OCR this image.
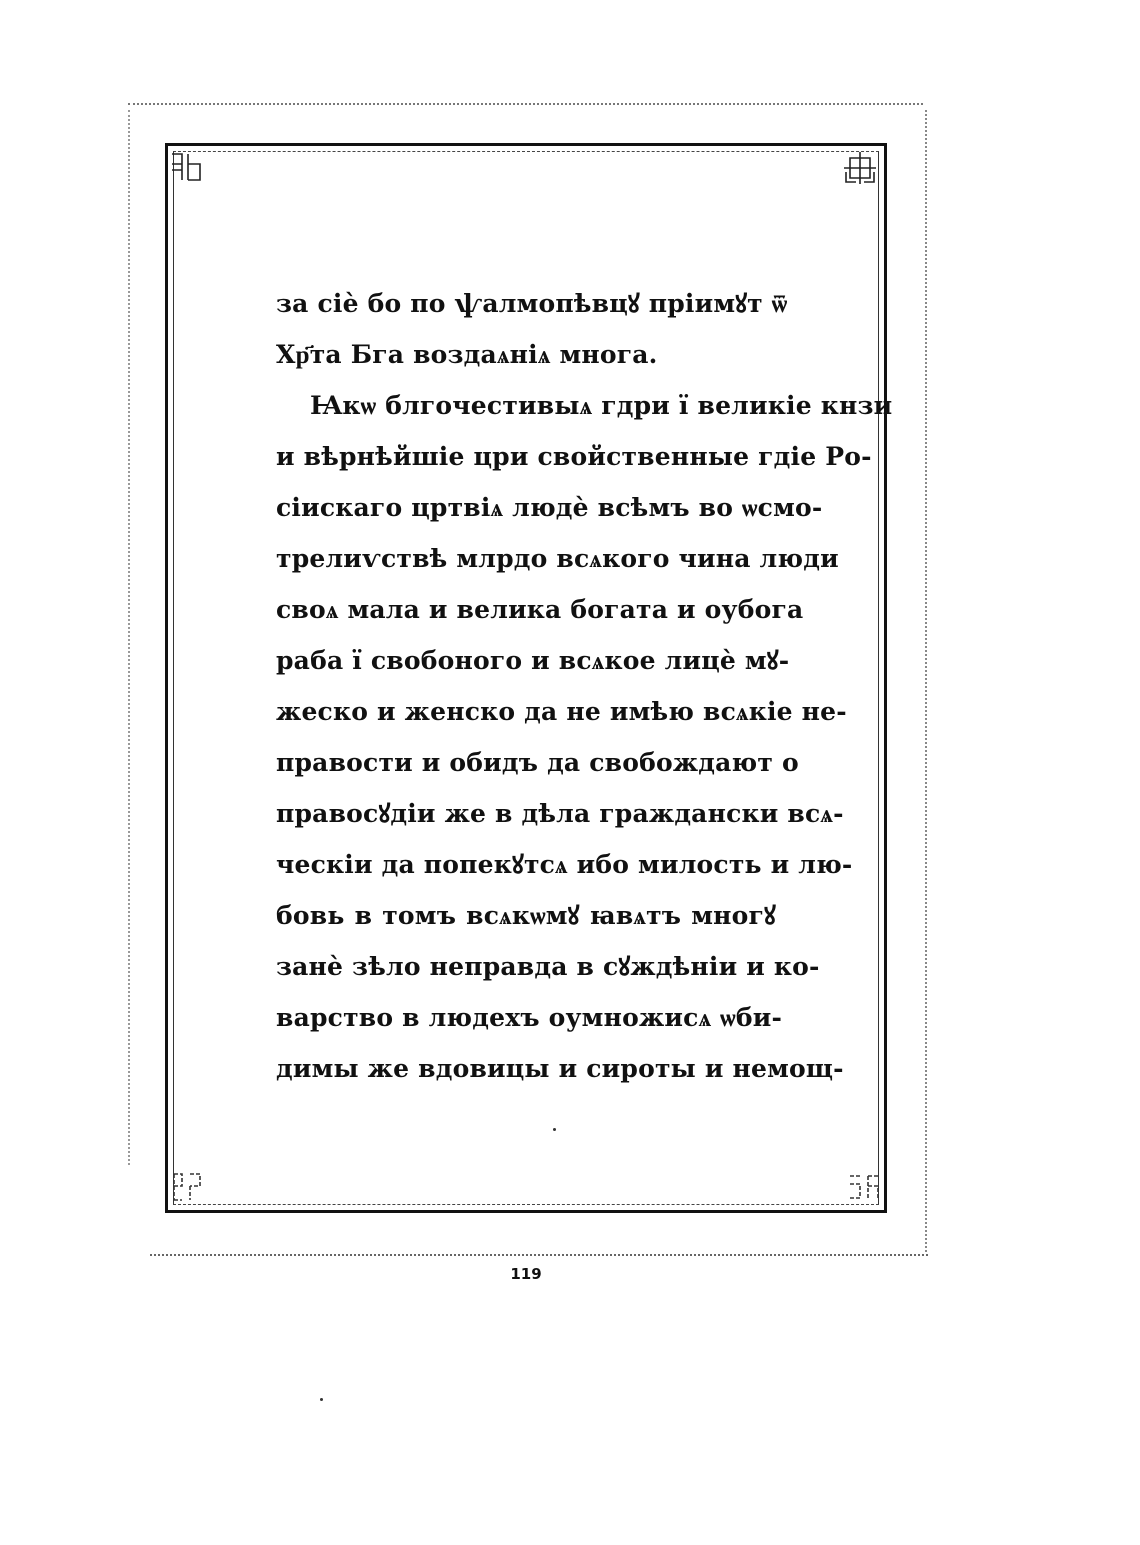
за сіѐ бо по ѱалмопѣвцꙋ пріимꙋт ѿ
Хр҃та Бга воздаѧніѧ многа.
Ꙗкѡ блгочестивыѧ гдри ї великіе кнзи
и вѣрнѣйшіе цри свойственные гдіе Ро-
сіискаго цртвіѧ людѐ всѣмъ во ѡсмо-
трелиѵствѣ млрдо всѧкого чина люди
своѧ мала и велика богата и оубога
раба ї свобоного и всѧкое лицѐ мꙋ-
жеско и женско да не имѣю всѧкіе не-
правости и обидъ да свобождают о
правосꙋдіи же в дѣла граждански всѧ-
ческіи да попекꙋтсѧ ибо милость и лю-
бовь в томъ всѧкѡмꙋ ꙗвѧтъ многꙋ
занѐ зѣло неправда в сꙋждѣніи и ко-
варство в людехъ оумножисѧ ѡби-
димы же вдовицы и сироты и немощ-
119
